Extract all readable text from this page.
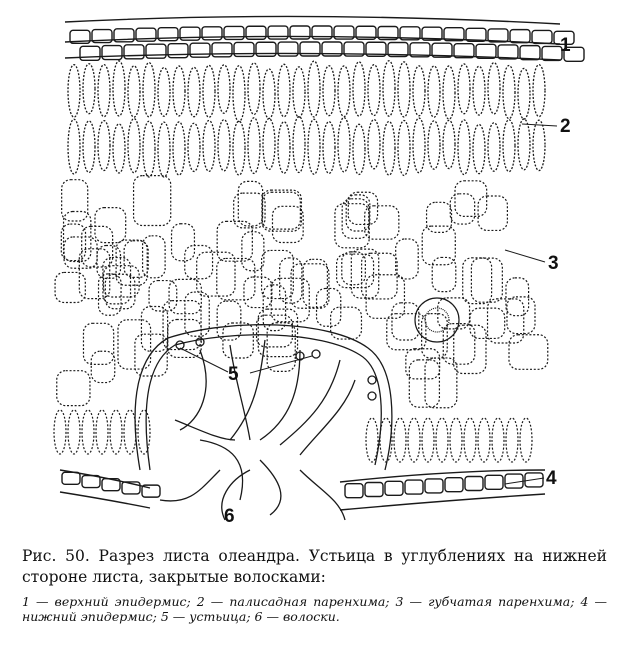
1
2
3
5
4
6

Рис. 50. Разрез листа олеандра. Устьица в углублениях на нижней стороне листа, закрытые волосками:

1 — верхний эпидермис; 2 — палисадная паренхима; 3 — губчатая паренхима; 4 — нижний эпидермис; 5 — устьица; 6 — волоски.
